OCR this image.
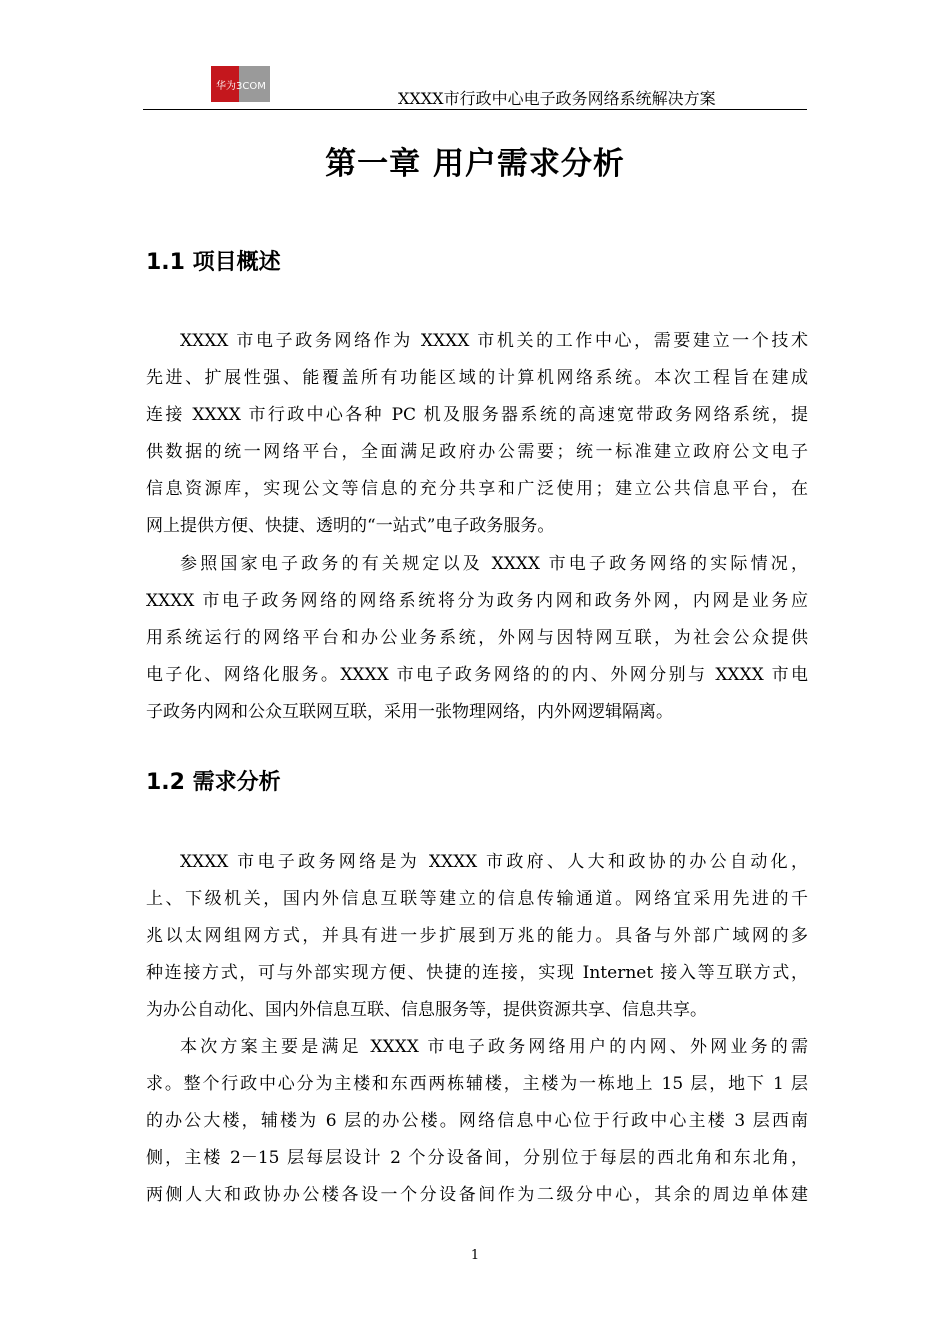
华为3COM
XXXX市行政中心电子政务网络系统解决方案
第一章 用户需求分析
1.1 项目概述
XXXX 市电子政务网络作为 XXXX 市机关的工作中心，需要建立一个技术
先进、扩展性强、能覆盖所有功能区域的计算机网络系统。本次工程旨在建成
连接 XXXX 市行政中心各种 PC 机及服务器系统的高速宽带政务网络系统，提
供数据的统一网络平台，全面满足政府办公需要；统一标准建立政府公文电子
信息资源库，实现公文等信息的充分共享和广泛使用；建立公共信息平台，在
网上提供方便、快捷、透明的“一站式”电子政务服务。
参照国家电子政务的有关规定以及 XXXX 市电子政务网络的实际情况，
XXXX 市电子政务网络的网络系统将分为政务内网和政务外网，内网是业务应
用系统运行的网络平台和办公业务系统，外网与因特网互联，为社会公众提供
电子化、网络化服务。XXXX 市电子政务网络的的内、外网分别与 XXXX 市电
子政务内网和公众互联网互联，采用一张物理网络，内外网逻辑隔离。
1.2 需求分析
XXXX 市电子政务网络是为 XXXX 市政府、人大和政协的办公自动化，
上、下级机关，国内外信息互联等建立的信息传输通道。网络宜采用先进的千
兆以太网组网方式，并具有进一步扩展到万兆的能力。具备与外部广域网的多
种连接方式，可与外部实现方便、快捷的连接，实现 Internet 接入等互联方式，
为办公自动化、国内外信息互联、信息服务等，提供资源共享、信息共享。
本次方案主要是满足 XXXX 市电子政务网络用户的内网、外网业务的需
求。整个行政中心分为主楼和东西两栋辅楼，主楼为一栋地上 15 层，地下 1 层
的办公大楼，辅楼为 6 层的办公楼。网络信息中心位于行政中心主楼 3 层西南
侧，主楼 2－15 层每层设计 2 个分设备间，分别位于每层的西北角和东北角，
两侧人大和政协办公楼各设一个分设备间作为二级分中心，其余的周边单体建
1
